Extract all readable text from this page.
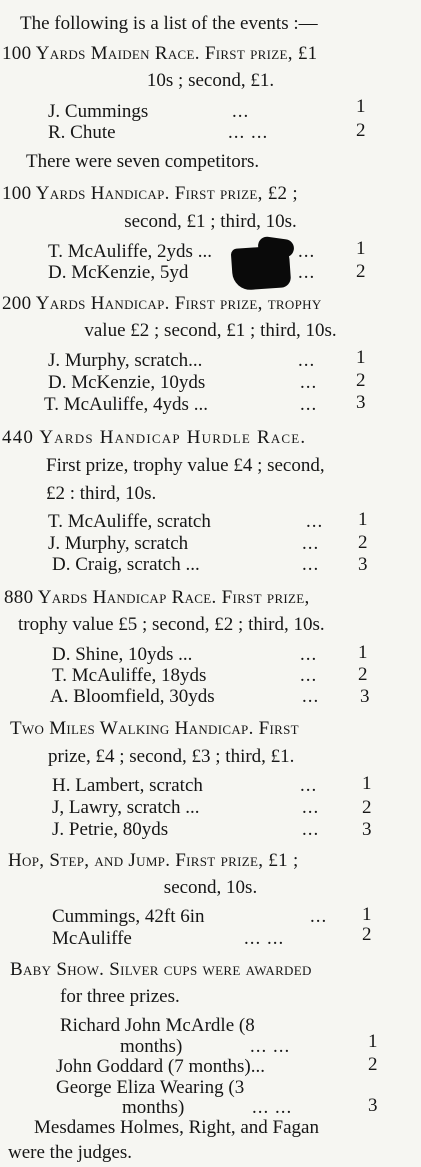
The following is a list of the events :—
100 Yards Maiden Race. First prize, £1
10s ; second, £1.
J. Cummings	...	1
R. Chute	... ...	2
There were seven competitors.
100 Yards Handicap. First prize, £2 ;
second, £1 ; third, 10s.
T. McAuliffe, 2yds ...	... 1
D. McKenzie, 5yd	... 2
200 Yards Handicap. First prize, trophy
value £2 ; second, £1 ; third, 10s.
J. Murphy, scratch...	... 1
D. McKenzie, 10yds	... 2
T. McAuliffe, 4yds ...	... 3
440 Yards Handicap Hurdle Race.
First prize, trophy value £4 ; second,
£2 : third, 10s.
T. McAuliffe, scratch	... 1
J. Murphy, scratch	... 2
D. Craig, scratch ...	... 3
880 Yards Handicap Race. First prize,
trophy value £5 ; second, £2 ; third, 10s.
D. Shine, 10yds ...	... 1
T. McAuliffe, 18yds	... 2
A. Bloomfield, 30yds	... 3
Two Miles Walking Handicap. First
prize, £4 ; second, £3 ; third, £1.
H. Lambert, scratch	... 1
J, Lawry, scratch ...	... 2
J. Petrie, 80yds	... 3
Hop, Step, and Jump. First prize, £1 ;
second, 10s.
Cummings, 42ft 6in	... 1
McAuliffe	... ...	2
Baby Show. Silver cups were awarded
for three prizes.
Richard John McArdle (8
months)	... ...	1
John Goddard (7 months)...	2
George Eliza Wearing (3
months)	... ...	3
Mesdames Holmes, Right, and Fagan
were the judges.
